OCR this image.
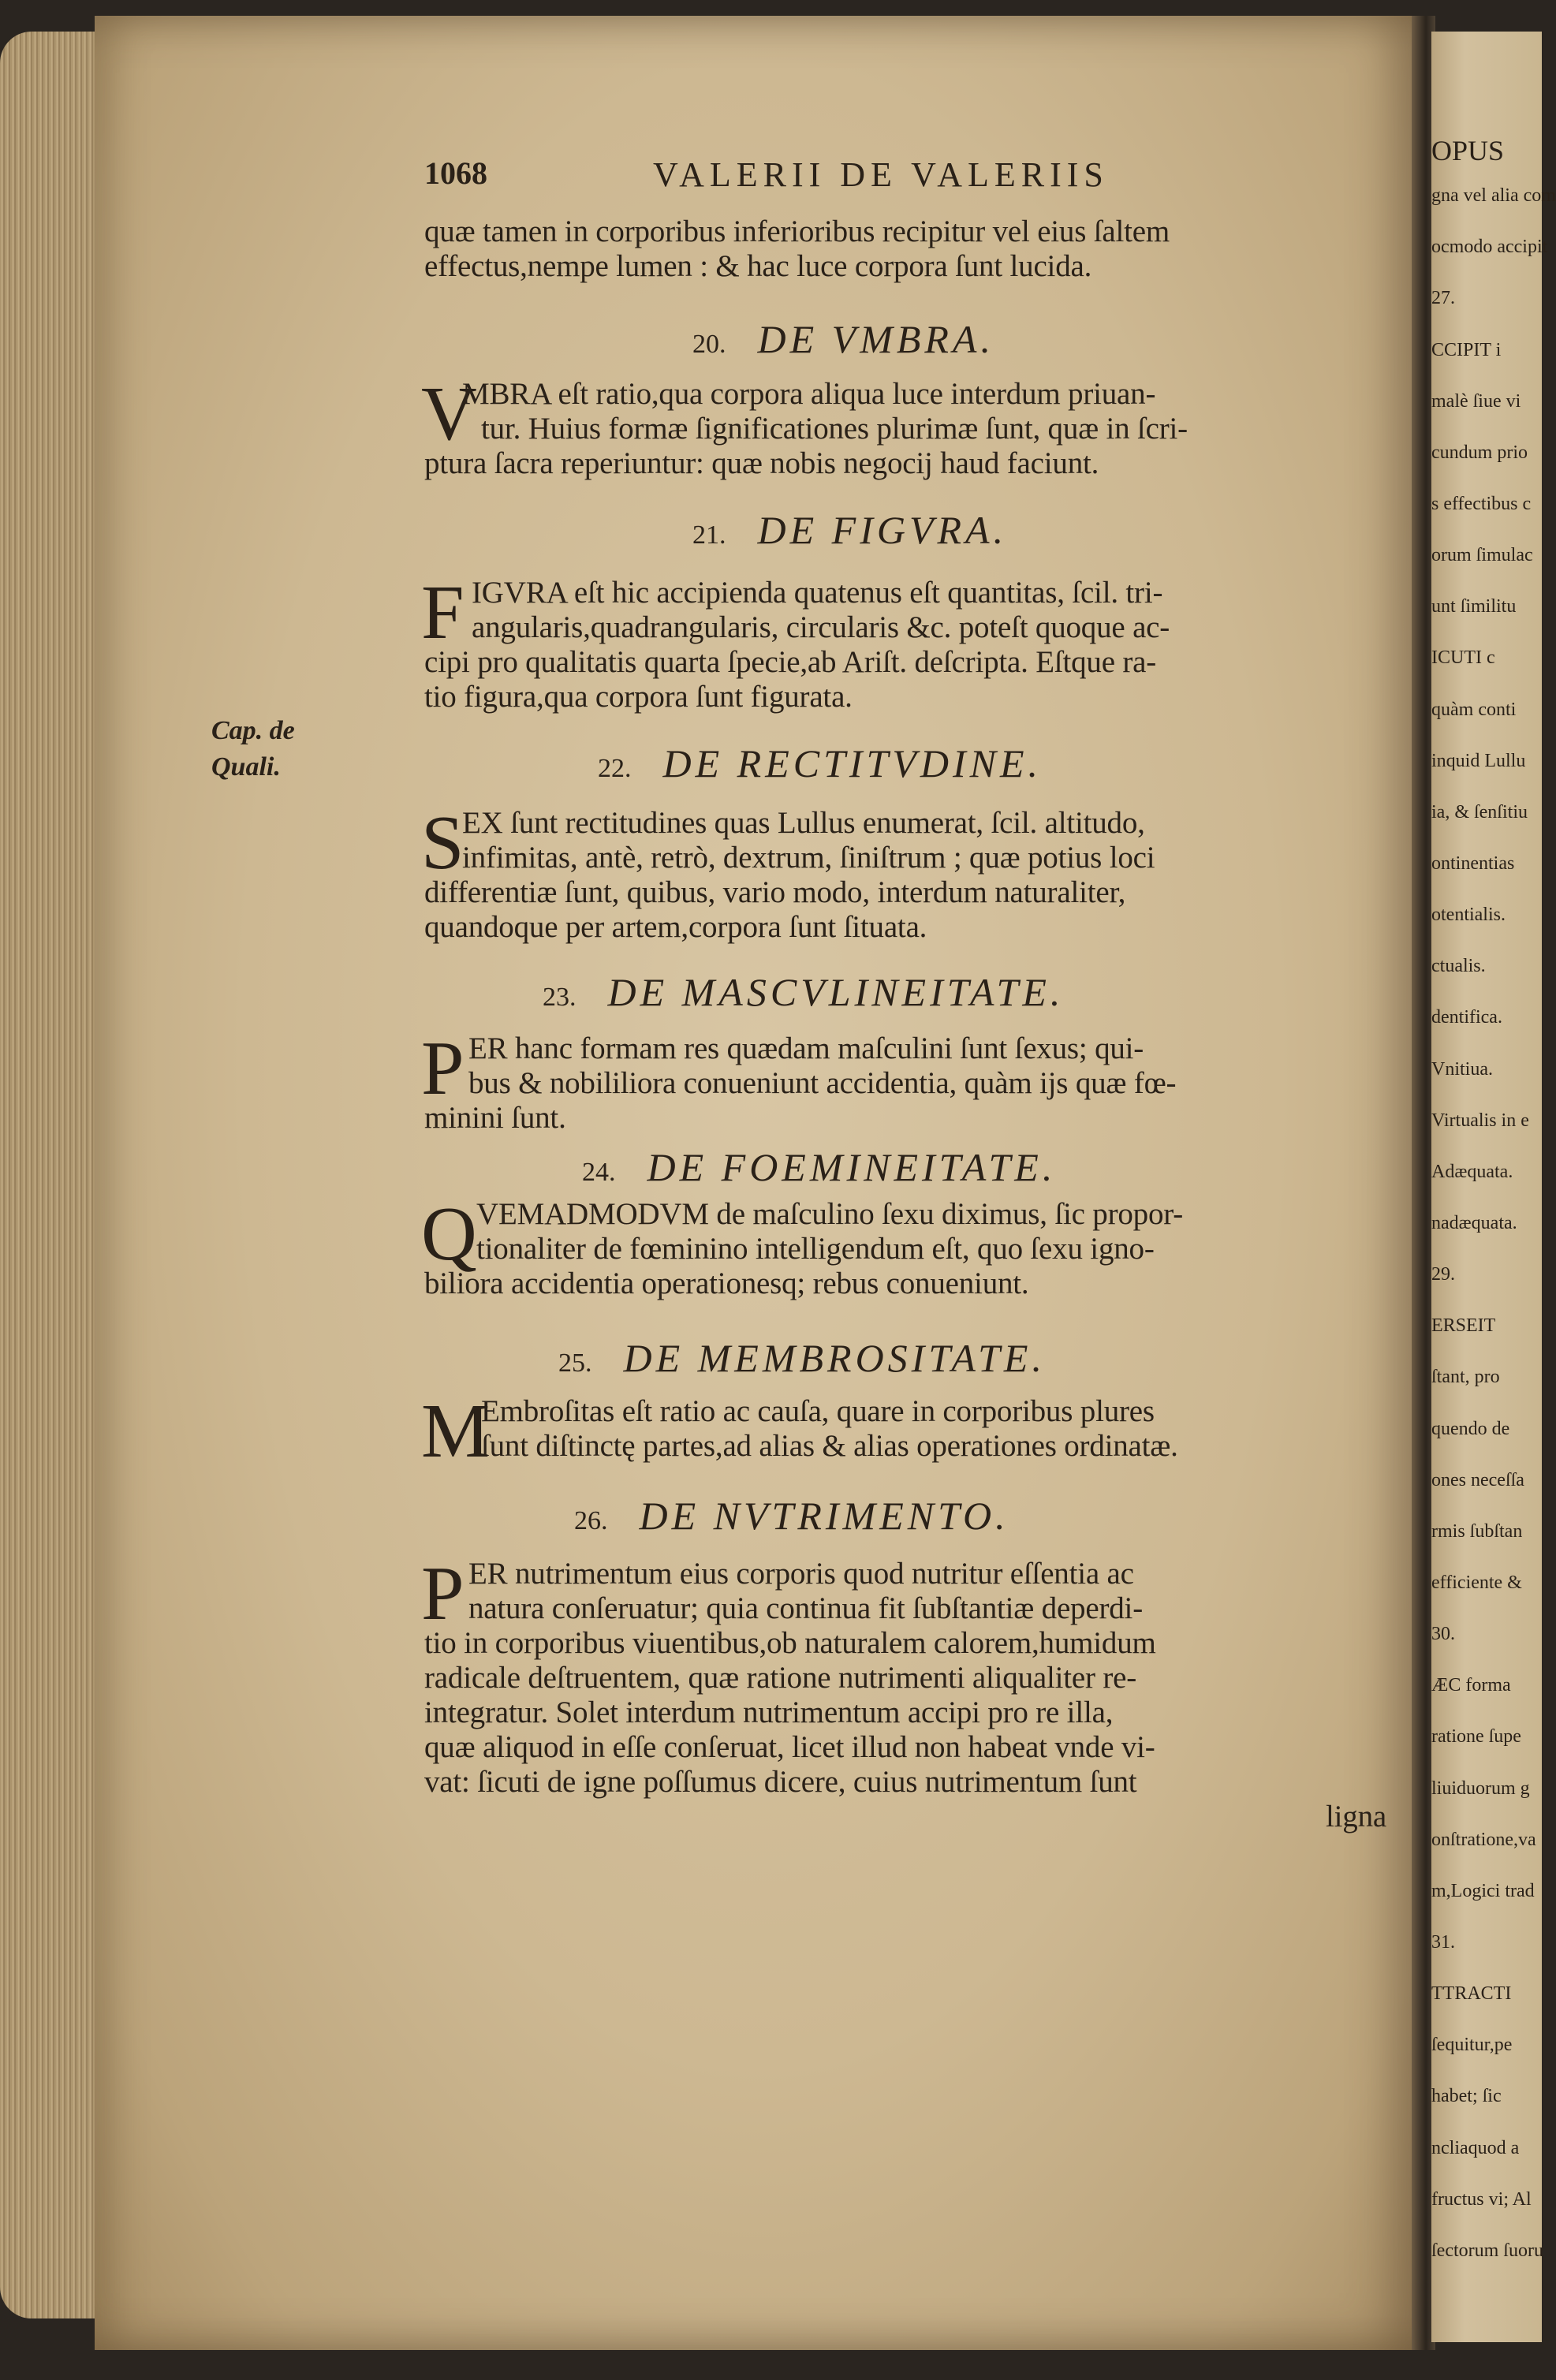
OPUS
gna vel alia com
ocmodo accipit
27.
CCIPIT i
malè ſiue vi
cundum prio
s effectibus c
orum ſimulac
unt ſimilitu
ICUTI c
quàm conti
inquid Lullu
ia, & ſenſitiu
ontinentias
otentialis.
ctualis.
dentifica.
Vnitiua.
Virtualis in e
Adæquata.
nadæquata.
29.
ERSEIT
ſtant, pro
quendo de
ones neceſſa
rmis ſubſtan
efficiente &
30.
ÆC forma
ratione ſupe
liuiduorum g
onſtratione,va
m,Logici trad
31.
TTRACTI
ſequitur,pe
habet; ſic
ncliaquod a
fructus vi; Al
ſectorum ſuoru
1068	VALERII DE VALERIIS
Cap. de
Quali.
quæ tamen in corporibus inferioribus recipitur vel eius ſaltem
effectus,nempe lumen : & hac luce corpora ſunt lucida.
20. DE VMBRA.
V
MBRA eſt ratio,qua corpora aliqua luce interdum priuan-
tur. Huius formæ ſignificationes plurimæ ſunt, quæ in ſcri-
ptura ſacra reperiuntur: quæ nobis negocij haud faciunt.
21. DE FIGVRA.
F IGVRA eſt hic accipienda quatenus eſt quantitas, ſcil. tri-
angularis,quadrangularis, circularis &c. poteſt quoque ac-
cipi pro qualitatis quarta ſpecie,ab Ariſt. deſcripta. Eſtque ra-
tio figura,qua corpora ſunt figurata.
22. DE RECTITVDINE.
S
EX ſunt rectitudines quas Lullus enumerat, ſcil. altitudo,
infimitas, antè, retrò, dextrum, ſiniſtrum ; quæ potius loci
differentiæ ſunt, quibus, vario modo, interdum naturaliter,
quandoque per artem,corpora ſunt ſituata.
23. DE MASCVLINEITATE.
P ER hanc formam res quædam maſculini ſunt ſexus; qui-
bus & nobililiora conueniunt accidentia, quàm ijs quæ fœ-
minini ſunt.
24. DE FOEMINEITATE.
Q VEMADMODVM de maſculino ſexu diximus, ſic propor-
tionaliter de fœminino intelligendum eſt, quo ſexu igno-
biliora accidentia operationesq; rebus conueniunt.
25. DE MEMBROSITATE.
M
Embroſitas eſt ratio ac cauſa, quare in corporibus plures
ſunt diſtinctę partes,ad alias & alias operationes ordinatæ.
26. DE NVTRIMENTO.
P ER nutrimentum eius corporis quod nutritur eſſentia ac
natura conſeruatur; quia continua fit ſubſtantiæ deperdi-
tio in corporibus viuentibus,ob naturalem calorem,humidum
radicale deſtruentem, quæ ratione nutrimenti aliqualiter re-
integratur. Solet interdum nutrimentum accipi pro re illa,
quæ aliquod in eſſe conſeruat, licet illud non habeat vnde vi-
vat: ſicuti de igne poſſumus dicere, cuius nutrimentum ſunt
ligna
